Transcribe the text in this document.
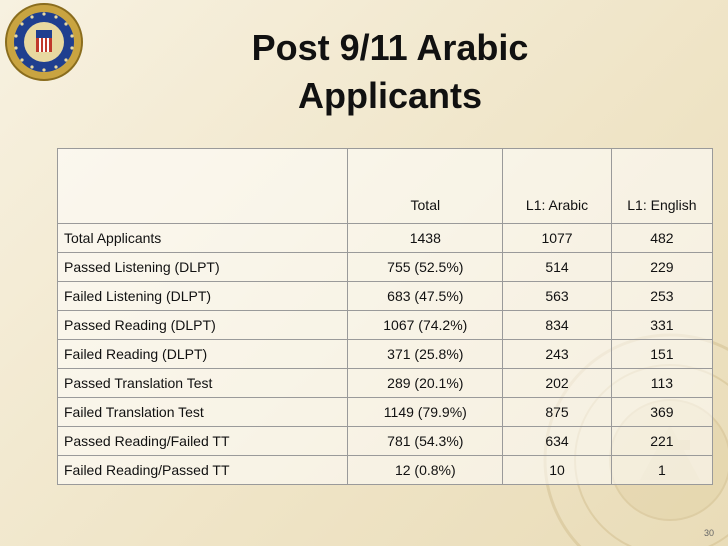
Post 9/11 Arabic
Applicants
	Total	L1: Arabic	L1: English
Total Applicants	1438	1077	482
Passed Listening (DLPT)	755 (52.5%)	514	229
Failed Listening (DLPT)	683 (47.5%)	563	253
Passed Reading (DLPT)	1067 (74.2%)	834	331
Failed Reading (DLPT)	371 (25.8%)	243	151
Passed Translation Test	289 (20.1%)	202	113
Failed Translation Test	1149 (79.9%)	875	369
Passed Reading/Failed TT	781 (54.3%)	634	221
Failed Reading/Passed TT	12 (0.8%)	10	1
30
